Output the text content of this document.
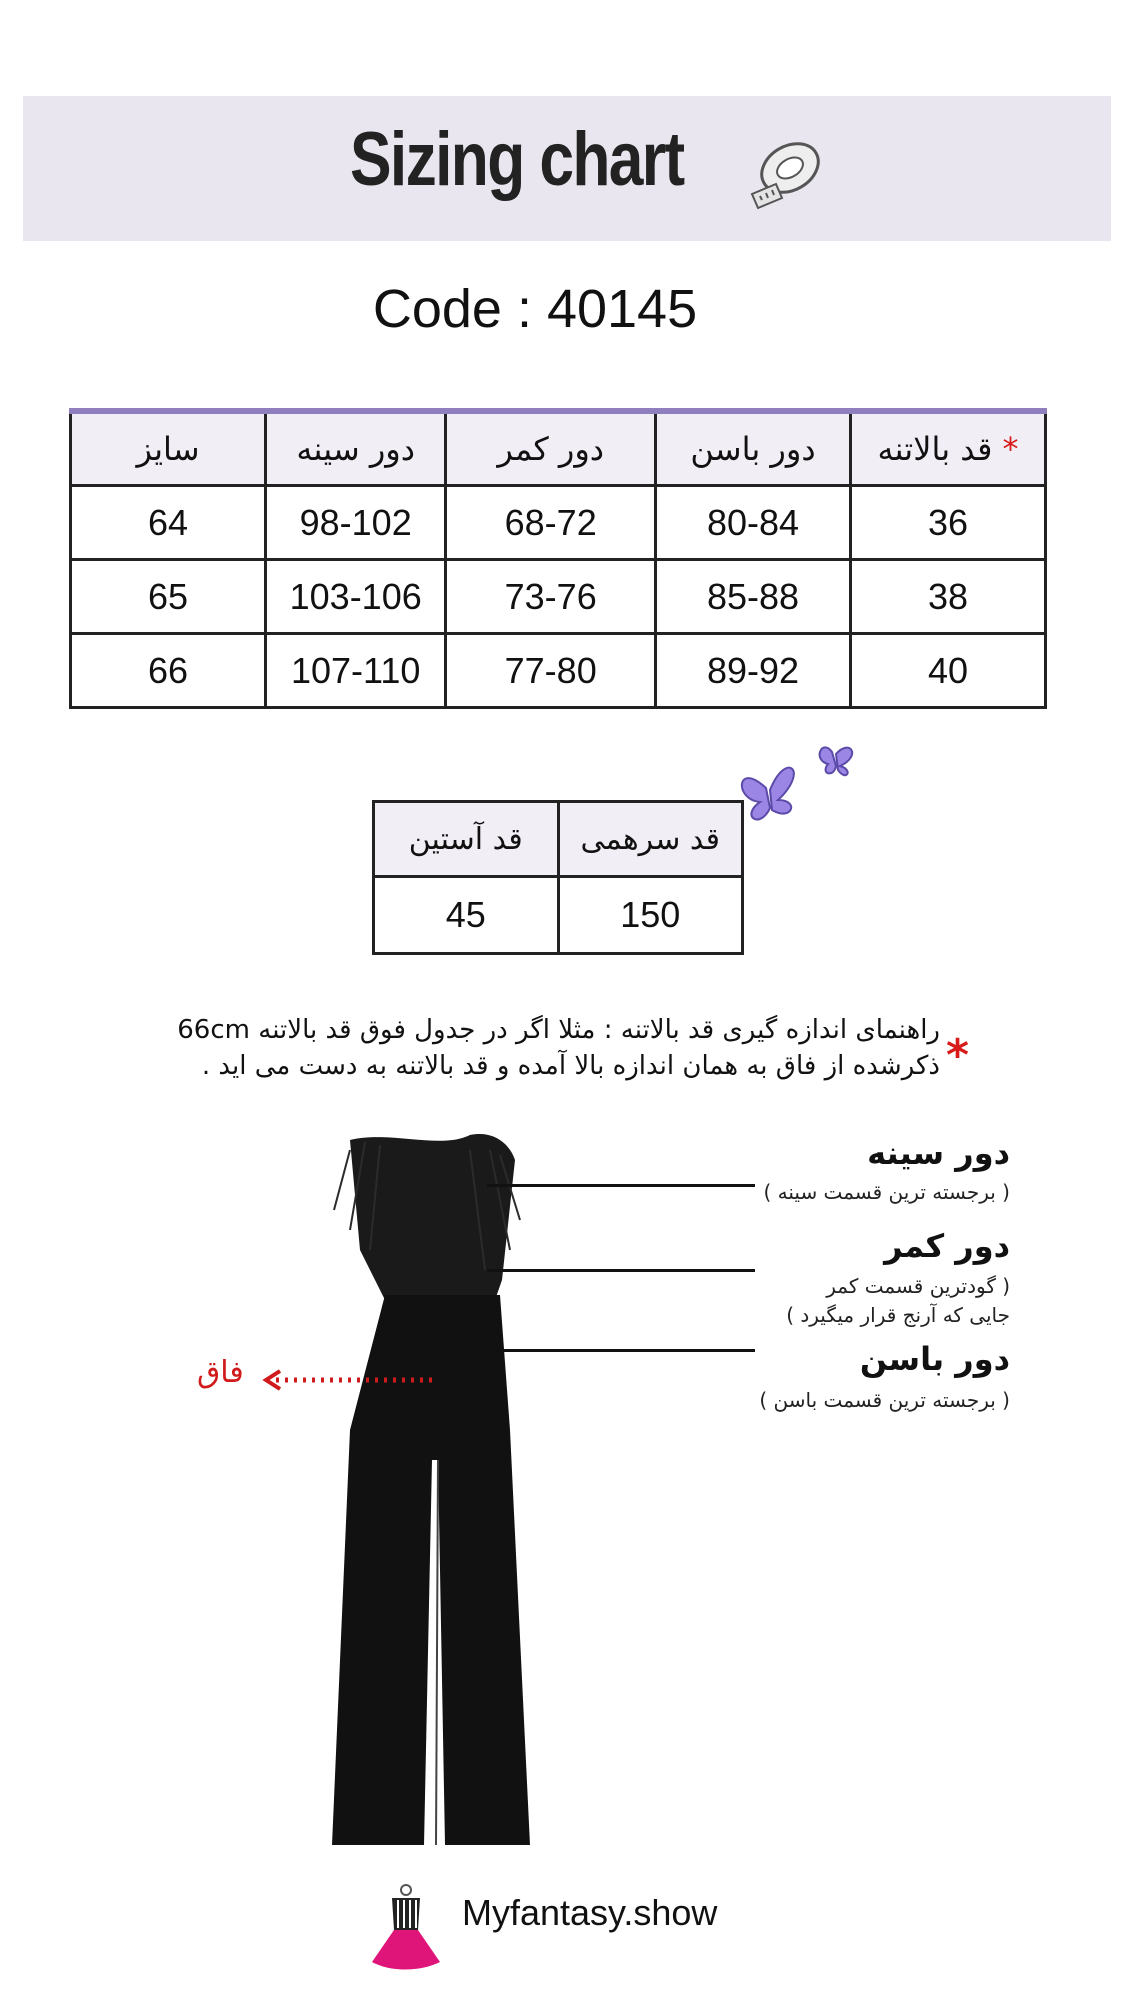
Sizing chart
Code : 40145
سایز	دور سینه	دور کمر	دور باسن	* قد بالاتنه
64	98-102	68-72	80-84	36
65	103-106	73-76	85-88	38
66	107-110	77-80	89-92	40
قد آستین	قد سرهمی
45	150
*
راهنمای اندازه گیری قد بالاتنه : مثلا اگر در جدول فوق قد بالاتنه 66cm
ذکرشده از فاق به همان اندازه بالا آمده و قد بالاتنه به دست می اید .
دور سینه
( برجسته ترین قسمت سینه )
دور کمر
( گودترین قسمت کمر
جایی که آرنج قرار میگیرد )
دور باسن
( برجسته ترین قسمت باسن )
فاق
Myfantasy.show
